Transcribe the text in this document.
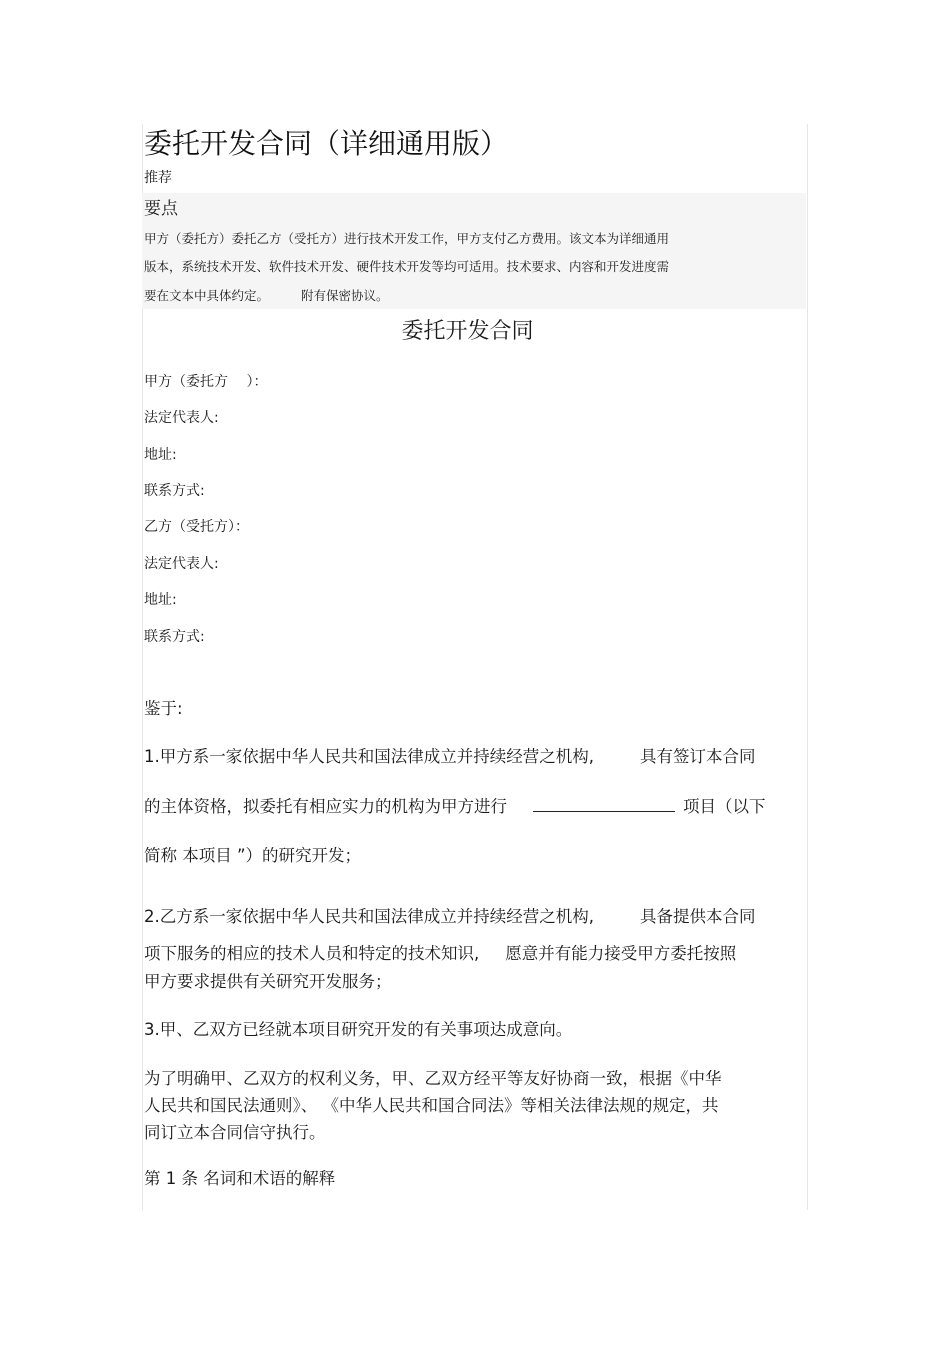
委托开发合同（详细通用版）
推荐
要点
甲方（委托方）委托乙方（受托方）进行技术开发工作，甲方支付乙方费用。该文本为详细通用
版本，系统技术开发、软件技术开发、硬件技术开发等均可适用。技术要求、内容和开发进度需
要在文本中具体约定。	附有保密协议。
委托开发合同
甲方（委托方　 ）：
法定代表人:
地址:
联系方式:
乙方（受托方）：
法定代表人:
地址:
联系方式:
鉴于:
1.甲方系一家依据中华人民共和国法律成立并持续经营之机构,	具有签订本合同
的主体资格，拟委托有相应实力的机构为甲方进行	项目（以下
简称 本项目 ”）的研究开发；
2.乙方系一家依据中华人民共和国法律成立并持续经营之机构,	具备提供本合同
项下服务的相应的技术人员和特定的技术知识, 愿意并有能力接受甲方委托按照
甲方要求提供有关研究开发服务；
3.甲、乙双方已经就本项目研究开发的有关事项达成意向。
为了明确甲、乙双方的权利义务，甲、乙双方经平等友好协商一致，根据《中华
人民共和国民法通则》、 《中华人民共和国合同法》等相关法律法规的规定，共
同订立本合同信守执行。
第 1 条 名词和术语的解释
